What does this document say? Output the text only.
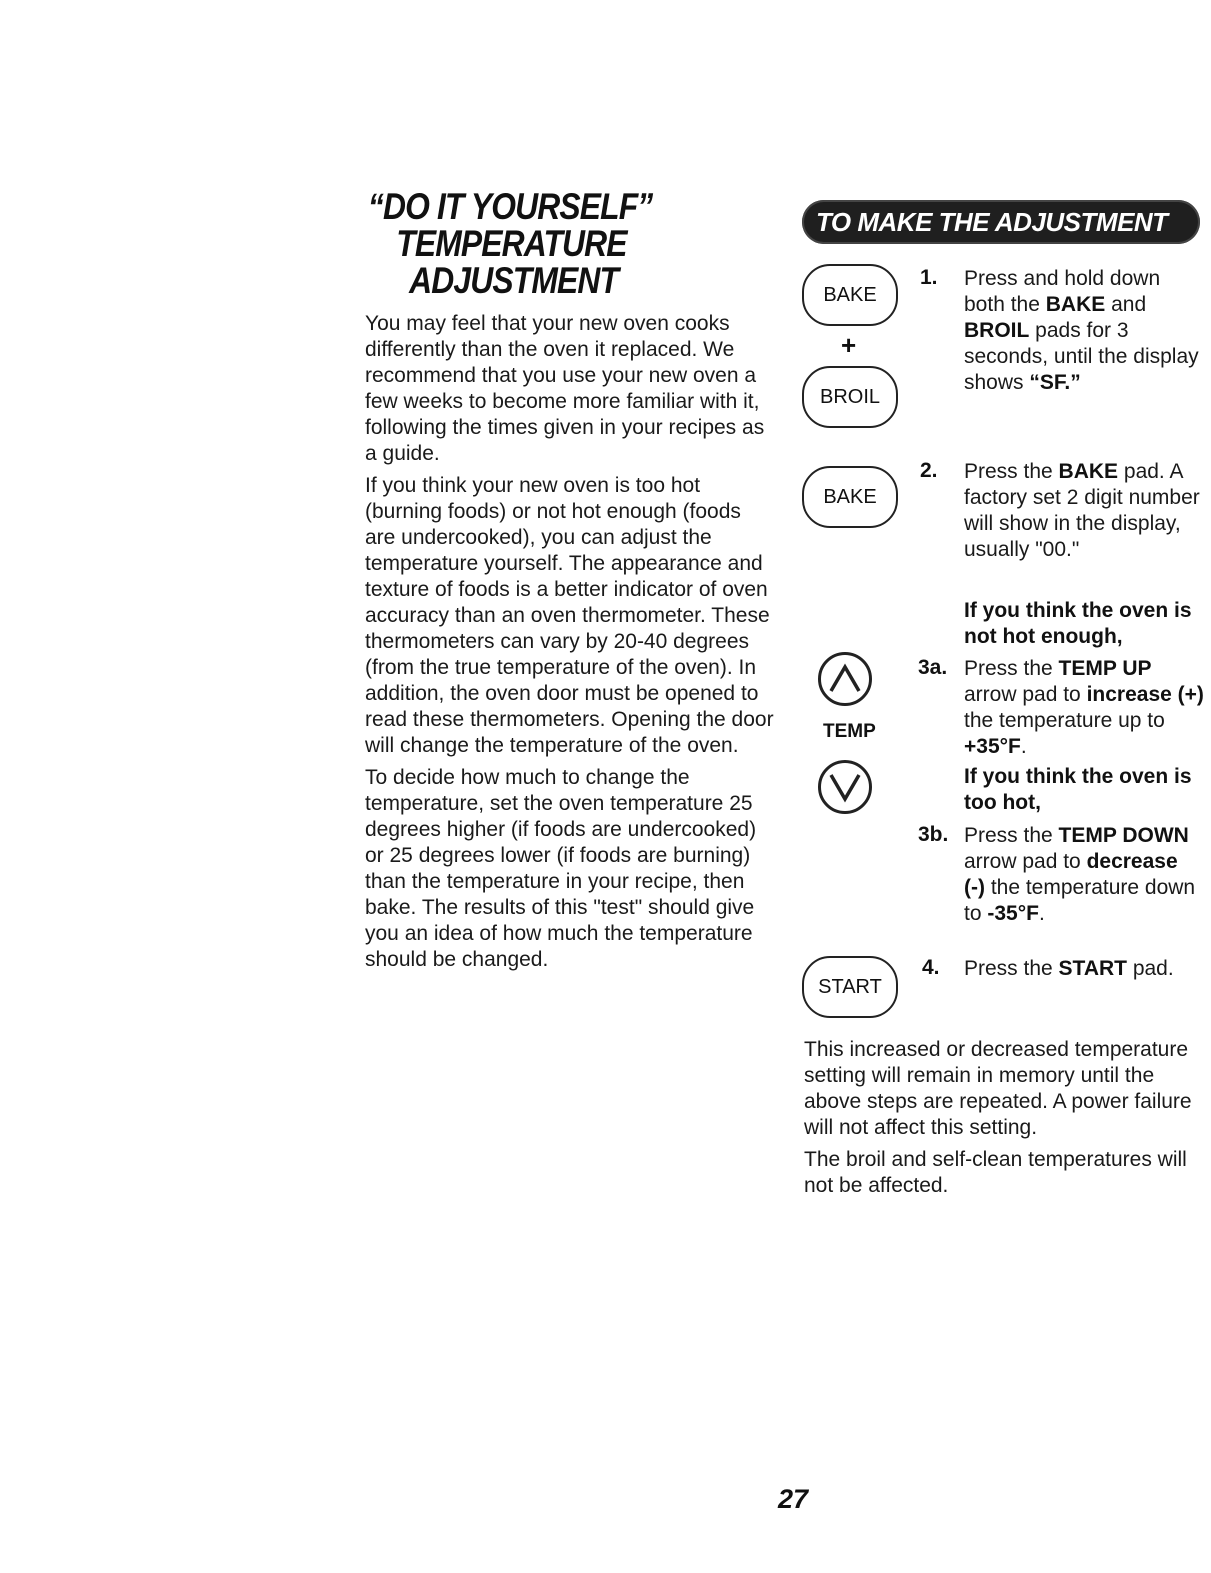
“DO IT YOURSELF”
TEMPERATURE
ADJUSTMENT

You may feel that your new oven cooks differently than the oven it replaced. We recommend that you use your new oven a few weeks to become more familiar with it, following the times given in your recipes as a guide.

If you think your new oven is too hot (burning foods) or not hot enough (foods are undercooked), you can adjust the temperature yourself. The appearance and texture of foods is a better indicator of oven accuracy than an oven thermometer. These thermometers can vary by 20-40 degrees (from the true temperature of the oven). In addition, the oven door must be opened to read these thermometers. Opening the door will change the temperature of the oven.

To decide how much to change the temperature, set the oven temperature 25 degrees higher (if foods are undercooked) or 25 degrees lower (if foods are burning) than the temperature in your recipe, then bake. The results of this "test" should give you an idea of how much the temperature should be changed.

TO MAKE THE ADJUSTMENT
BAKE
+
BROIL
1. Press and hold down both the BAKE and BROIL pads for 3 seconds, until the display shows “SF.”
BAKE
2. Press the BAKE pad. A factory set 2 digit number will show in the display, usually "00."
If you think the oven is not hot enough,
TEMP
3a. Press the TEMP UP arrow pad to increase (+) the temperature up to +35°F.
If you think the oven is too hot,
3b. Press the TEMP DOWN arrow pad to decrease (-) the temperature down to -35°F.
START
4. Press the START pad.

This increased or decreased temperature setting will remain in memory until the above steps are repeated. A power failure will not affect this setting.

The broil and self-clean temperatures will not be affected.

27
